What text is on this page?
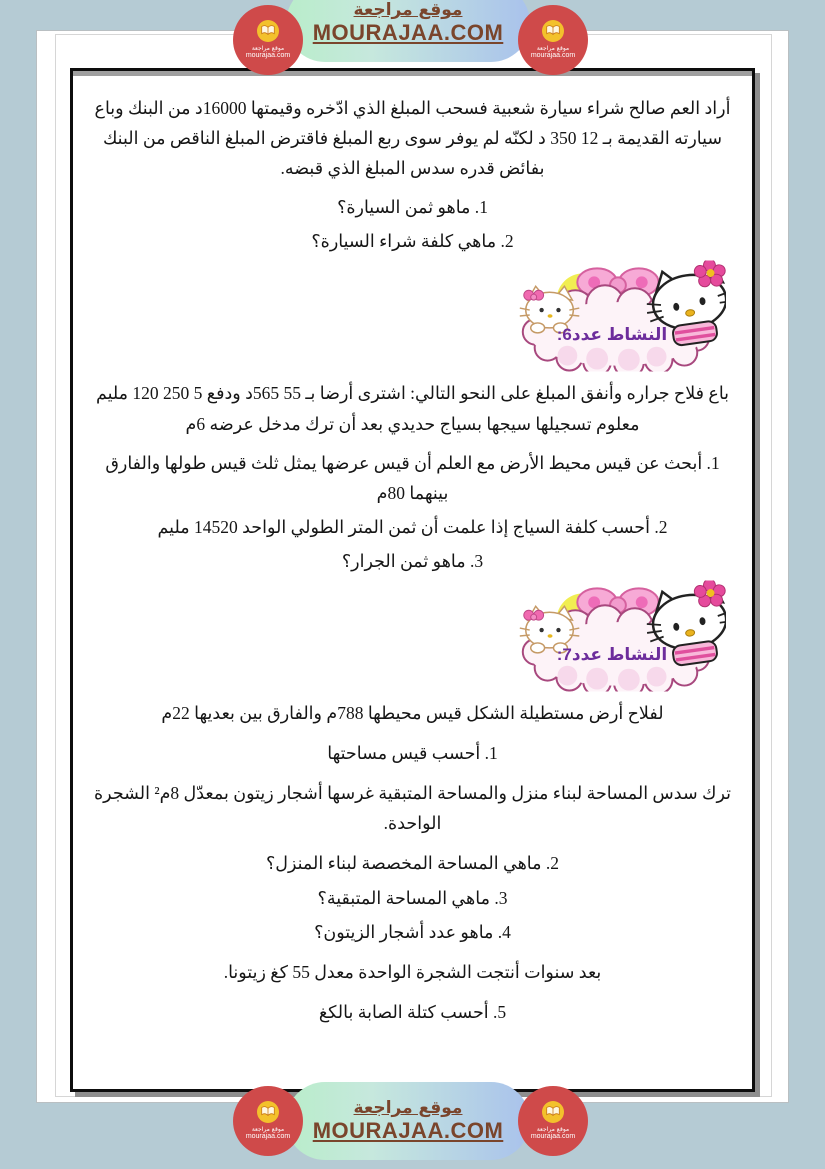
موقع مراجعة
MOURAJAA.COM
موقع مراجعة
mourajaa.com
موقع مراجعة
mourajaa.com

أراد العم صالح شراء سيارة شعبية فسحب المبلغ الذي ادّخره وقيمتها 16000د من البنك وباع سيارته القديمة بـ 12 350 د لكنّه لم يوفر سوى ربع المبلغ فاقترض المبلغ الناقص من البنك بفائض قدره سدس المبلغ الذي قبضه.

1. ماهو ثمن السيارة؟
2. ماهي كلفة شراء السيارة؟
النشاط عدد6:

باع فلاح جراره وأنفق المبلغ على النحو التالي: اشترى أرضا بـ 55 565د ودفع 5 250 120 مليم معلوم تسجيلها سيجها بسياج حديدي بعد أن ترك مدخل عرضه 6م

1. أبحث عن قيس محيط الأرض مع العلم أن قيس عرضها يمثل ثلث قيس طولها والفارق بينهما 80م
2. أحسب كلفة السياج إذا علمت أن ثمن المتر الطولي الواحد 14520 مليم
3. ماهو ثمن الجرار؟
النشاط عدد7:

لفلاح أرض مستطيلة الشكل قيس محيطها 788م والفارق بين بعديها 22م

1. أحسب قيس مساحتها

ترك سدس المساحة لبناء منزل والمساحة المتبقية غرسها أشجار زيتون بمعدّل 8م² الشجرة الواحدة.

2. ماهي المساحة المخصصة لبناء المنزل؟
3. ماهي المساحة المتبقية؟
4. ماهو عدد أشجار الزيتون؟

بعد سنوات أنتجت الشجرة الواحدة معدل 55 كغ زيتونا.

5. أحسب كتلة الصابة بالكغ
موقع مراجعة
MOURAJAA.COM
موقع مراجعة
mourajaa.com
موقع مراجعة
mourajaa.com
